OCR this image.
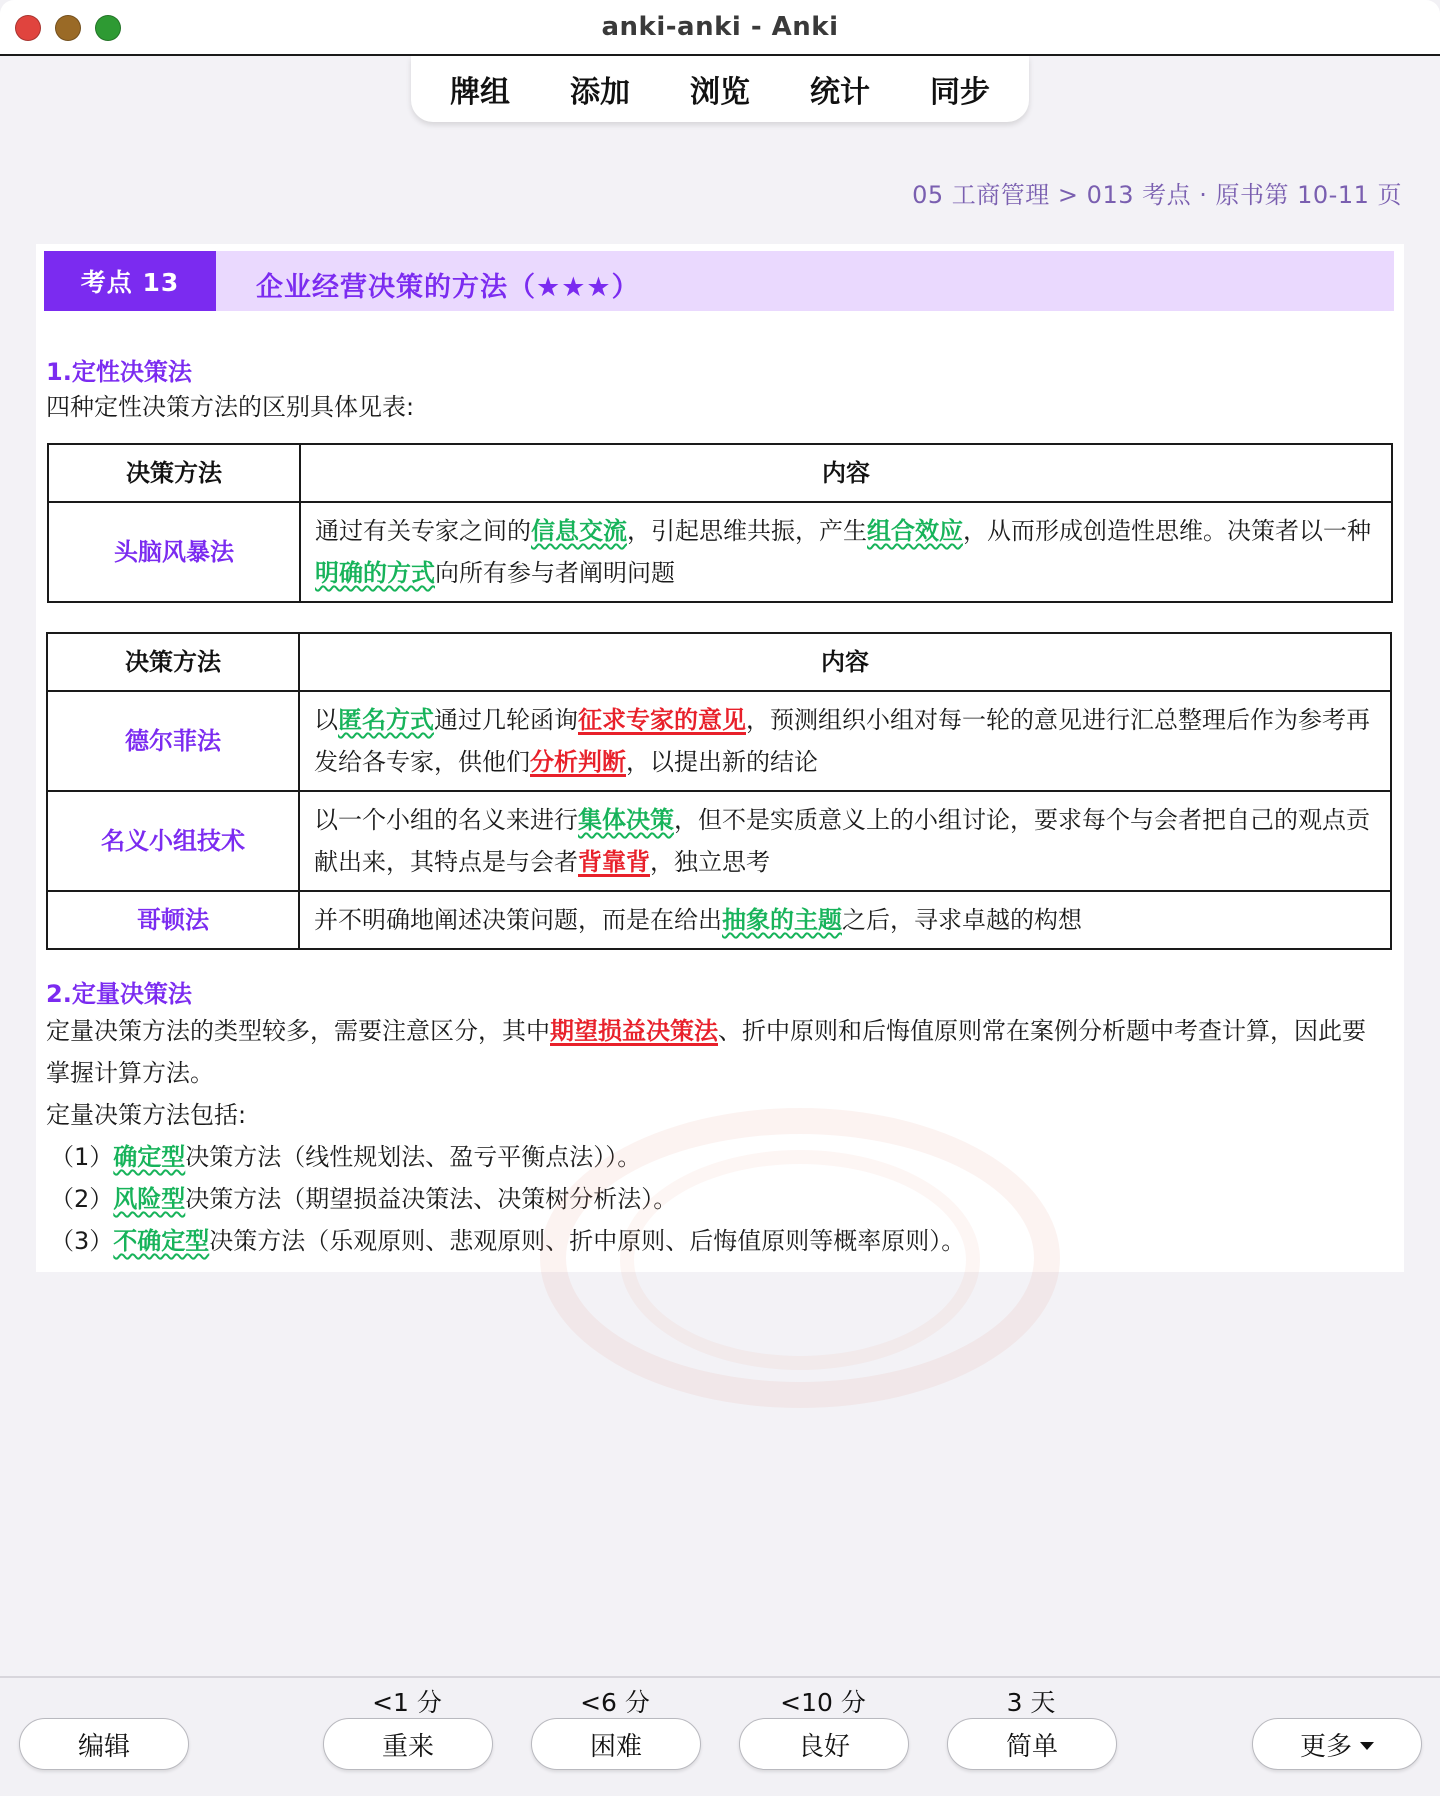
anki-anki - Anki
牌组	添加	浏览	统计	同步
05 工商管理 > 013 考点 · 原书第 10-11 页
考点 13	企业经营决策的方法（★★★）
1.定性决策法
四种定性决策方法的区别具体见表:
决策方法	内容
头脑风暴法	通过有关专家之间的信息交流，引起思维共振，产生组合效应，从而形成创造性思维。决策者以一种明确的方式向所有参与者阐明问题
决策方法	内容
德尔菲法	以匿名方式通过几轮函询征求专家的意见，预测组织小组对每一轮的意见进行汇总整理后作为参考再发给各专家，供他们分析判断，以提出新的结论
名义小组技术	以一个小组的名义来进行集体决策，但不是实质意义上的小组讨论，要求每个与会者把自己的观点贡献出来，其特点是与会者背靠背，独立思考
哥顿法	并不明确地阐述决策问题，而是在给出抽象的主题之后，寻求卓越的构想
2.定量决策法
定量决策方法的类型较多，需要注意区分，其中期望损益决策法、折中原则和后悔值原则常在案例分析题中考查计算，因此要掌握计算方法。
定量决策方法包括:
（1）确定型决策方法（线性规划法、盈亏平衡点法））。
（2）风险型决策方法（期望损益决策法、决策树分析法）。
（3）不确定型决策方法（乐观原则、悲观原则、折中原则、后悔值原则等概率原则）。
<1 分	<6 分	<10 分	3 天
编辑	重来	困难	良好	简单	更多
